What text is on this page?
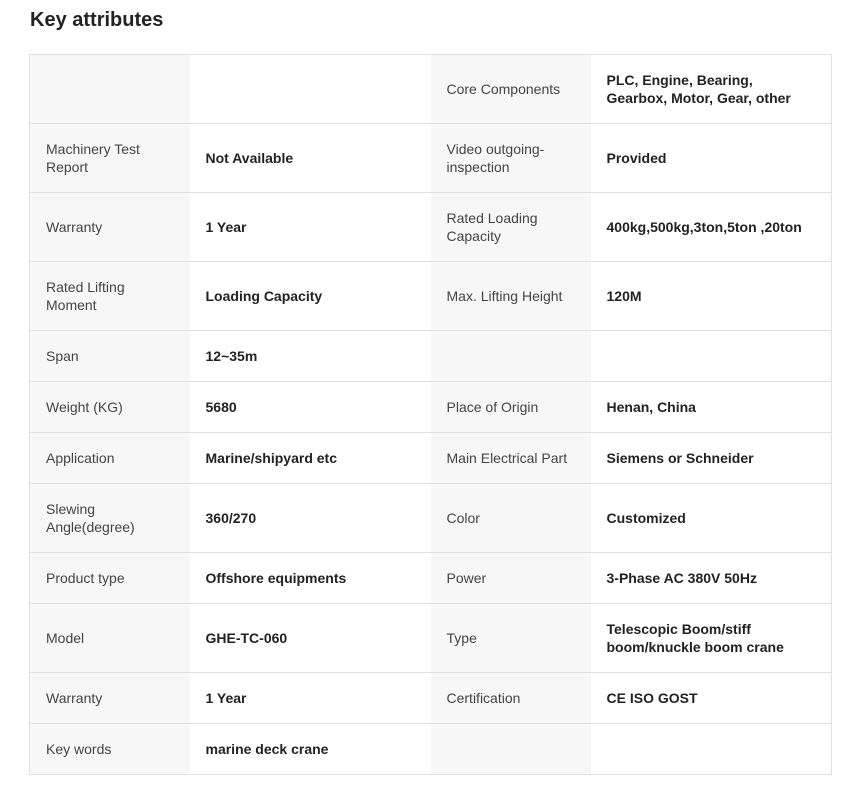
Key attributes
		Core Components	PLC, Engine, Bearing, Gearbox, Motor, Gear, other
Machinery Test Report	Not Available	Video outgoing-inspection	Provided
Warranty	1 Year	Rated Loading Capacity	400kg,500kg,3ton,5ton ,20ton
Rated Lifting Moment	Loading Capacity	Max. Lifting Height	120M
Span	12~35m		
Weight (KG)	5680	Place of Origin	Henan, China
Application	Marine/shipyard etc	Main Electrical Part	Siemens or Schneider
Slewing Angle(degree)	360/270	Color	Customized
Product type	Offshore equipments	Power	3-Phase AC 380V 50Hz
Model	GHE-TC-060	Type	Telescopic Boom/stiff boom/knuckle boom crane
Warranty	1 Year	Certification	CE ISO GOST
Key words	marine deck crane		
